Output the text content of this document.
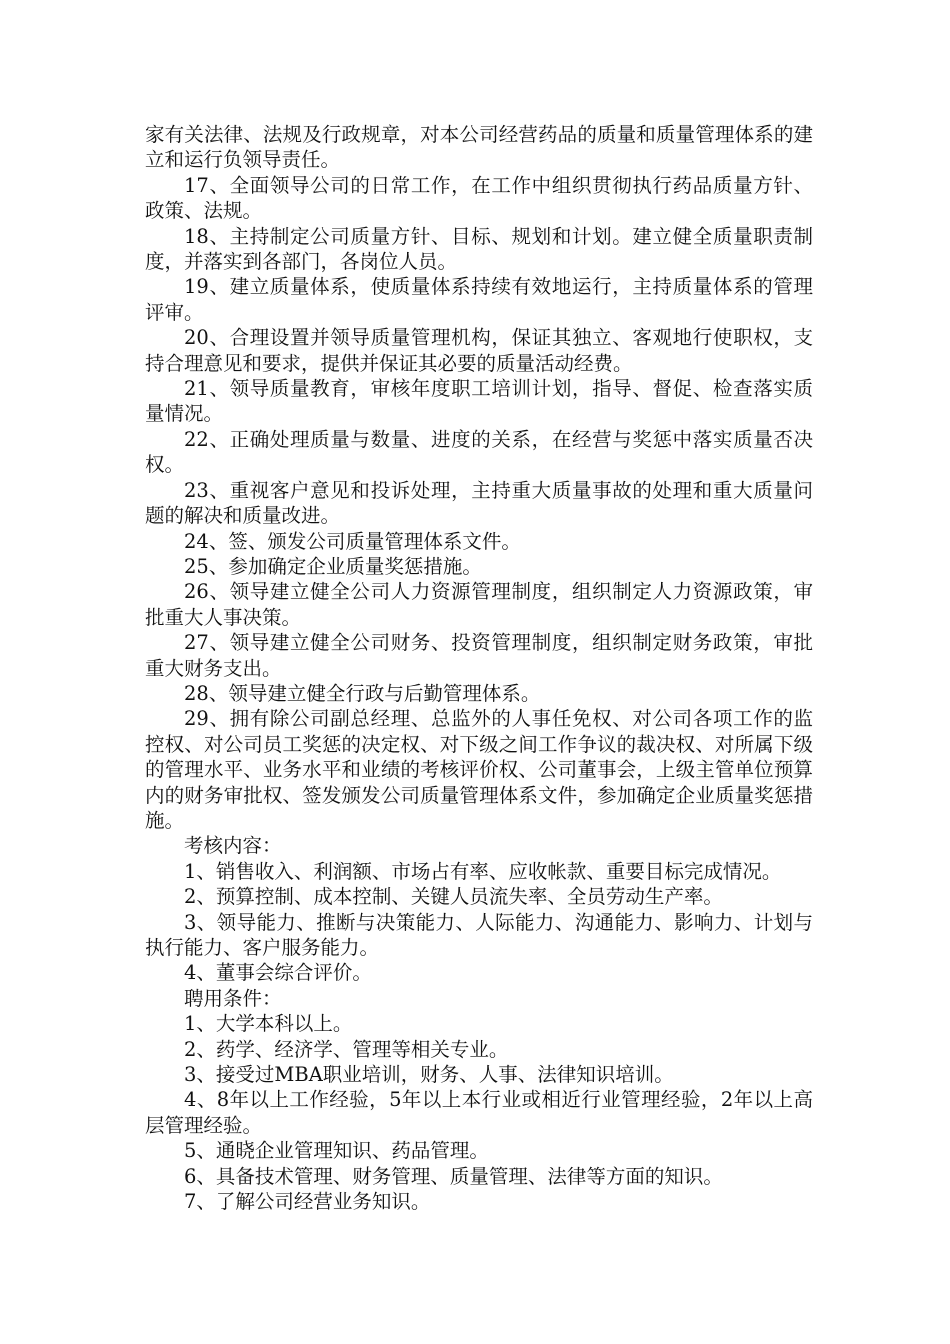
家有关法律、法规及行政规章，对本公司经营药品的质量和质量管理体系的建立和运行负领导责任。

17、全面领导公司的日常工作，在工作中组织贯彻执行药品质量方针、政策、法规。

18、主持制定公司质量方针、目标、规划和计划。建立健全质量职责制度，并落实到各部门，各岗位人员。

19、建立质量体系，使质量体系持续有效地运行，主持质量体系的管理评审。

20、合理设置并领导质量管理机构，保证其独立、客观地行使职权，支持合理意见和要求，提供并保证其必要的质量活动经费。

21、领导质量教育，审核年度职工培训计划，指导、督促、检查落实质量情况。

22、正确处理质量与数量、进度的关系，在经营与奖惩中落实质量否决权。

23、重视客户意见和投诉处理，主持重大质量事故的处理和重大质量问题的解决和质量改进。

24、签、颁发公司质量管理体系文件。

25、参加确定企业质量奖惩措施。

26、领导建立健全公司人力资源管理制度，组织制定人力资源政策，审批重大人事决策。

27、领导建立健全公司财务、投资管理制度，组织制定财务政策，审批重大财务支出。

28、领导建立健全行政与后勤管理体系。

29、拥有除公司副总经理、总监外的人事任免权、对公司各项工作的监控权、对公司员工奖惩的决定权、对下级之间工作争议的裁决权、对所属下级的管理水平、业务水平和业绩的考核评价权、公司董事会，上级主管单位预算内的财务审批权、签发颁发公司质量管理体系文件，参加确定企业质量奖惩措施。

考核内容：

1、销售收入、利润额、市场占有率、应收帐款、重要目标完成情况。

2、预算控制、成本控制、关键人员流失率、全员劳动生产率。

3、领导能力、推断与决策能力、人际能力、沟通能力、影响力、计划与执行能力、客户服务能力。

4、董事会综合评价。

聘用条件：

1、大学本科以上。

2、药学、经济学、管理等相关专业。

3、接受过MBA职业培训，财务、人事、法律知识培训。

4、8年以上工作经验，5年以上本行业或相近行业管理经验，2年以上高层管理经验。

5、通晓企业管理知识、药品管理。

6、具备技术管理、财务管理、质量管理、法律等方面的知识。

7、了解公司经营业务知识。
